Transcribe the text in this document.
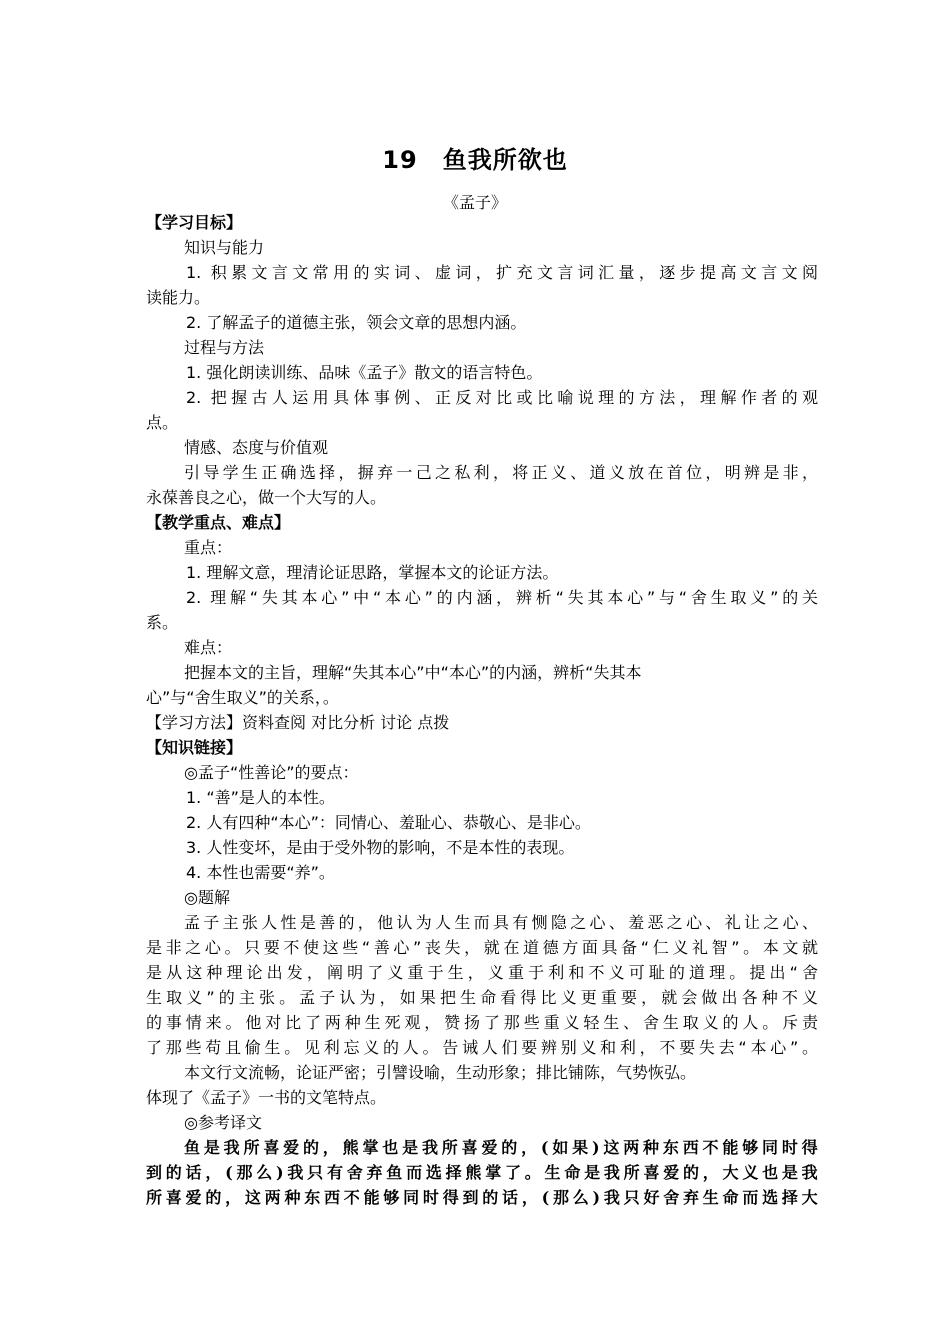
19　鱼我所欲也
《孟子》
【学习目标】
知识与能力
1. 积累文言文常用的实词、虚词，扩充文言词汇量，逐步提高文言文阅
读能力。
2. 了解孟子的道德主张，领会文章的思想内涵。
过程与方法
1. 强化朗读训练、品味《孟子》散文的语言特色。
2. 把握古人运用具体事例、正反对比或比喻说理的方法，理解作者的观
点。
情感、态度与价值观
引导学生正确选择，摒弃一己之私利，将正义、道义放在首位，明辨是非，
永葆善良之心，做一个大写的人。
【教学重点、难点】
重点：
1. 理解文意，理清论证思路，掌握本文的论证方法。
2. 理解“失其本心”中“本心”的内涵，辨析“失其本心”与“舍生取义”的关
系。
难点：
把握本文的主旨，理解“失其本心”中“本心”的内涵，辨析“失其本
心”与“舍生取义”的关系，。
【学习方法】资料查阅 对比分析 讨论 点拨
【知识链接】
◎孟子“性善论”的要点：
1. “善”是人的本性。
2. 人有四种“本心”：同情心、羞耻心、恭敬心、是非心。
3. 人性变坏，是由于受外物的影响，不是本性的表现。
4. 本性也需要“养”。
◎题解
孟子主张人性是善的，他认为人生而具有恻隐之心、羞恶之心、礼让之心、
是非之心。只要不使这些“善心”丧失，就在道德方面具备“仁义礼智”。本文就
是从这种理论出发，阐明了义重于生，义重于利和不义可耻的道理。提出“舍
生取义”的主张。孟子认为，如果把生命看得比义更重要，就会做出各种不义
的事情来。他对比了两种生死观，赞扬了那些重义轻生、舍生取义的人。斥责
了那些苟且偷生。见利忘义的人。告诫人们要辨别义和利，不要失去“本心”。
本文行文流畅，论证严密；引譬设喻，生动形象；排比铺陈，气势恢弘。
体现了《孟子》一书的文笔特点。
◎参考译文
鱼是我所喜爱的，熊掌也是我所喜爱的，(如果)这两种东西不能够同时得
到的话，(那么)我只有舍弃鱼而选择熊掌了。生命是我所喜爱的，大义也是我
所喜爱的，这两种东西不能够同时得到的话，(那么)我只好舍弃生命而选择大
